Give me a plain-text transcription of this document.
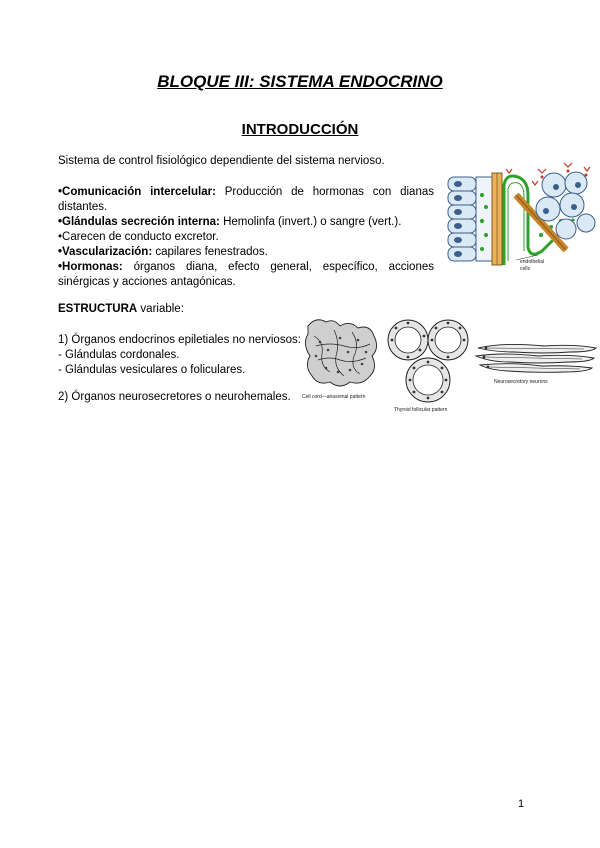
BLOQUE III: SISTEMA ENDOCRINO
INTRODUCCIÓN
Sistema de control fisiológico dependiente del sistema nervioso.

•Comunicación intercelular: Producción de hormonas con dianas distantes.

•Glándulas secreción interna: Hemolinfa (invert.) o sangre (vert.).

•Carecen de conducto excretor.

•Vascularización: capilares fenestrados.

•Hormonas: órganos diana, efecto general, específico, acciones sinérgicas y acciones antagónicas.

ESTRUCTURA variable:

1) Órganos endocrinos epiletiales no nerviosos:

- Glándulas cordonales.

- Glándulas vesiculares o foliculares.

2) Órganos neurosecretores o neurohemales.
endothelial
cells
Cell cord—anasomal pattern
Thyroid follicular pattern
Neurosecretory neurons
1
